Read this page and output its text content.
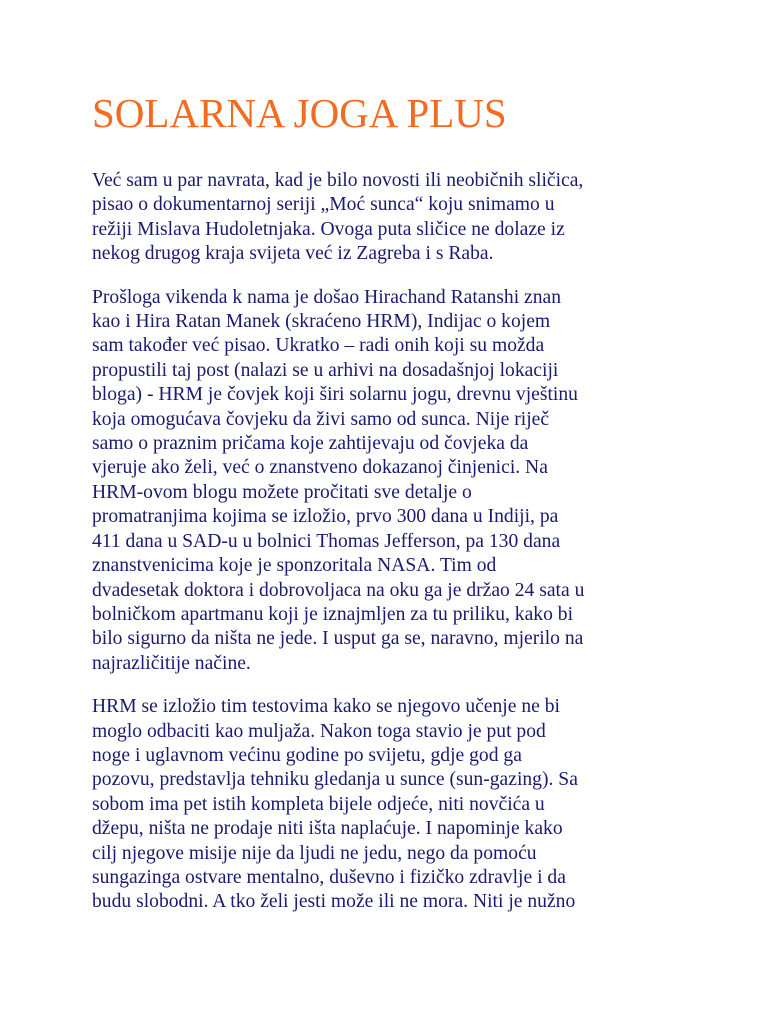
SOLARNA JOGA PLUS

Već sam u par navrata, kad je bilo novosti ili neobičnih sličica,
pisao o dokumentarnoj seriji „Moć sunca“ koju snimamo u
režiji Mislava Hudoletnjaka. Ovoga puta sličice ne dolaze iz
nekog drugog kraja svijeta već iz Zagreba i s Raba.

Prošloga vikenda k nama je došao Hirachand Ratanshi znan
kao i Hira Ratan Manek (skraćeno HRM), Indijac o kojem
sam također već pisao. Ukratko – radi onih koji su možda
propustili taj post (nalazi se u arhivi na dosadašnjoj lokaciji
bloga) - HRM je čovjek koji širi solarnu jogu, drevnu vještinu
koja omogućava čovjeku da živi samo od sunca. Nije riječ
samo o praznim pričama koje zahtijevaju od čovjeka da
vjeruje ako želi, već o znanstveno dokazanoj činjenici. Na
HRM-ovom blogu možete pročitati sve detalje o
promatranjima kojima se izložio, prvo 300 dana u Indiji, pa
411 dana u SAD-u u bolnici Thomas Jefferson, pa 130 dana
znanstvenicima koje je sponzoritala NASA. Tim od
dvadesetak doktora i dobrovoljaca na oku ga je držao 24 sata u
bolničkom apartmanu koji je iznajmljen za tu priliku, kako bi
bilo sigurno da ništa ne jede. I usput ga se, naravno, mjerilo na
najrazličitije načine.

HRM se izložio tim testovima kako se njegovo učenje ne bi
moglo odbaciti kao muljaža. Nakon toga stavio je put pod
noge i uglavnom većinu godine po svijetu, gdje god ga
pozovu, predstavlja tehniku gledanja u sunce (sun-gazing). Sa
sobom ima pet istih kompleta bijele odjeće, niti novčića u
džepu, ništa ne prodaje niti išta naplaćuje. I napominje kako
cilj njegove misije nije da ljudi ne jedu, nego da pomoću
sungazinga ostvare mentalno, duševno i fizičko zdravlje i da
budu slobodni. A tko želi jesti može ili ne mora. Niti je nužno
